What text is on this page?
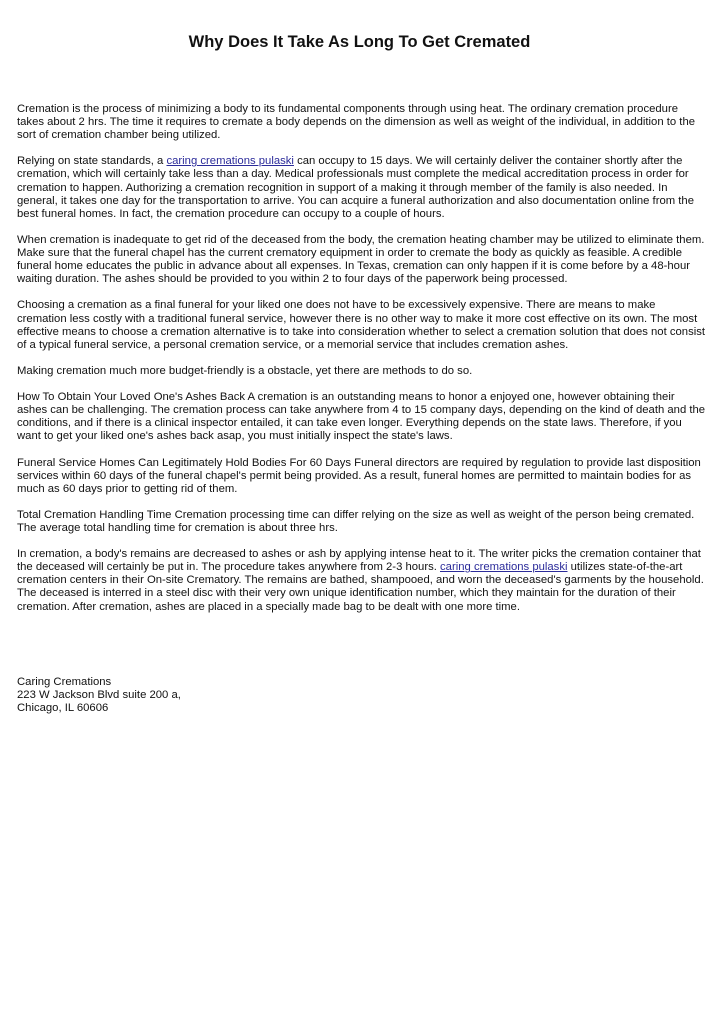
Why Does It Take As Long To Get Cremated

Cremation is the process of minimizing a body to its fundamental components through using heat. The ordinary cremation procedure takes about 2 hrs. The time it requires to cremate a body depends on the dimension as well as weight of the individual, in addition to the sort of cremation chamber being utilized.

Relying on state standards, a caring cremations pulaski can occupy to 15 days. We will certainly deliver the container shortly after the cremation, which will certainly take less than a day. Medical professionals must complete the medical accreditation process in order for cremation to happen. Authorizing a cremation recognition in support of a making it through member of the family is also needed. In general, it takes one day for the transportation to arrive. You can acquire a funeral authorization and also documentation online from the best funeral homes. In fact, the cremation procedure can occupy to a couple of hours.

When cremation is inadequate to get rid of the deceased from the body, the cremation heating chamber may be utilized to eliminate them. Make sure that the funeral chapel has the current crematory equipment in order to cremate the body as quickly as feasible. A credible funeral home educates the public in advance about all expenses. In Texas, cremation can only happen if it is come before by a 48-hour waiting duration. The ashes should be provided to you within 2 to four days of the paperwork being processed.

Choosing a cremation as a final funeral for your liked one does not have to be excessively expensive. There are means to make cremation less costly with a traditional funeral service, however there is no other way to make it more cost effective on its own. The most effective means to choose a cremation alternative is to take into consideration whether to select a cremation solution that does not consist of a typical funeral service, a personal cremation service, or a memorial service that includes cremation ashes.

Making cremation much more budget-friendly is a obstacle, yet there are methods to do so.

How To Obtain Your Loved One's Ashes Back A cremation is an outstanding means to honor a enjoyed one, however obtaining their ashes can be challenging. The cremation process can take anywhere from 4 to 15 company days, depending on the kind of death and the conditions, and if there is a clinical inspector entailed, it can take even longer. Everything depends on the state laws. Therefore, if you want to get your liked one's ashes back asap, you must initially inspect the state's laws.

Funeral Service Homes Can Legitimately Hold Bodies For 60 Days Funeral directors are required by regulation to provide last disposition services within 60 days of the funeral chapel's permit being provided. As a result, funeral homes are permitted to maintain bodies for as much as 60 days prior to getting rid of them.

Total Cremation Handling Time Cremation processing time can differ relying on the size as well as weight of the person being cremated. The average total handling time for cremation is about three hrs.

In cremation, a body's remains are decreased to ashes or ash by applying intense heat to it. The writer picks the cremation container that the deceased will certainly be put in. The procedure takes anywhere from 2-3 hours. caring cremations pulaski utilizes state-of-the-art cremation centers in their On-site Crematory. The remains are bathed, shampooed, and worn the deceased's garments by the household. The deceased is interred in a steel disc with their very own unique identification number, which they maintain for the duration of their cremation. After cremation, ashes are placed in a specially made bag to be dealt with one more time.

Caring Cremations
223 W Jackson Blvd suite 200 a,
Chicago, IL 60606
